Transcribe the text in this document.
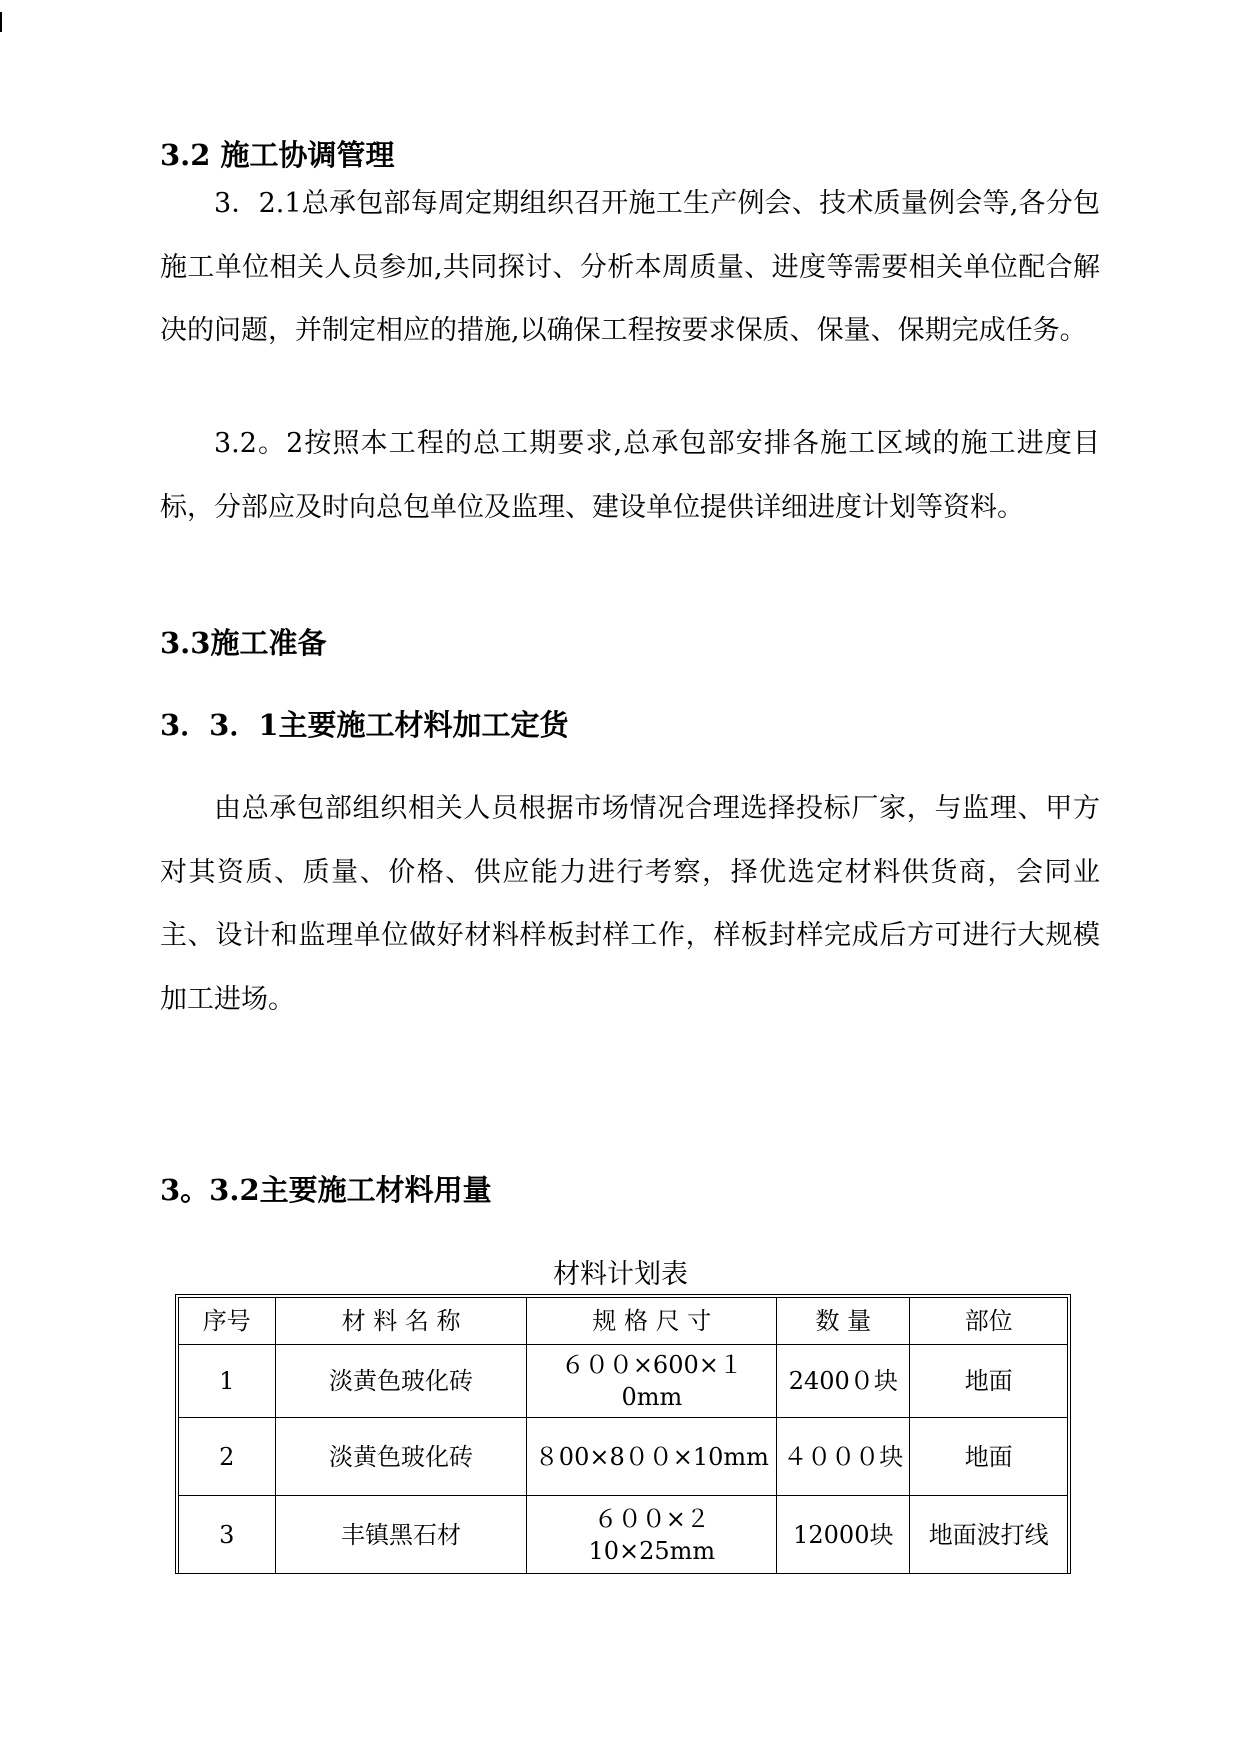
3.2 施工协调管理

3．2.1总承包部每周定期组织召开施工生产例会、技术质量例会等,各分包施工单位相关人员参加,共同探讨、分析本周质量、进度等需要相关单位配合解决的问题，并制定相应的措施,以确保工程按要求保质、保量、保期完成任务。

3.2。2按照本工程的总工期要求,总承包部安排各施工区域的施工进度目标，分部应及时向总包单位及监理、建设单位提供详细进度计划等资料。

3.3施工准备
3．3．1主要施工材料加工定货

由总承包部组织相关人员根据市场情况合理选择投标厂家，与监理、甲方对其资质、质量、价格、供应能力进行考察，择优选定材料供货商，会同业主、设计和监理单位做好材料样板封样工作，样板封样完成后方可进行大规模加工进场。

3。3.2主要施工材料用量
材料计划表
序号	材 料 名 称	规 格 尺 寸	数 量	部位
1	淡黄色玻化砖	６００×600×１0mm	2400０块	地面
2	淡黄色玻化砖	８00×8００×10mm	４０００块	地面
3	丰镇黑石材	６００×２10×25mm	12000块	地面波打线
